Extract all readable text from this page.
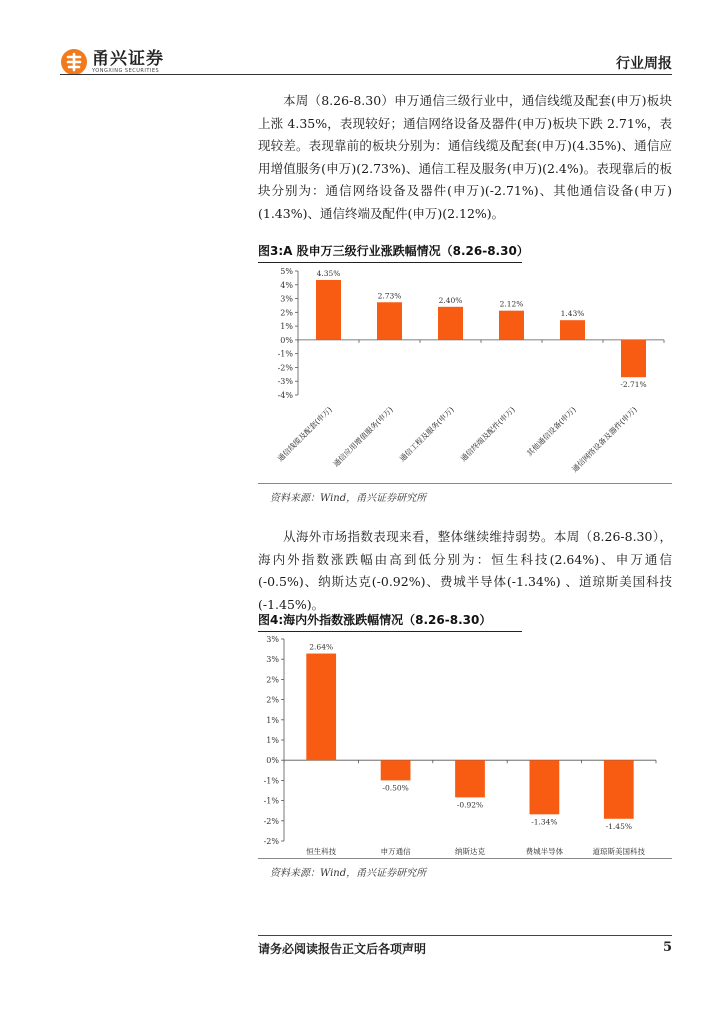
甬兴证券
YONGXING SECURITIES	行业周报

本周（8.26-8.30）申万通信三级行业中，通信线缆及配套(申万)板块上涨 4.35%，表现较好；通信网络设备及器件(申万)板块下跌 2.71%，表现较差。表现靠前的板块分别为：通信线缆及配套(申万)(4.35%)、通信应用增值服务(申万)(2.73%)、通信工程及服务(申万)(2.4%)。表现靠后的板块分别为：通信网络设备及器件(申万)(-2.71%)、其他通信设备(申万)(1.43%)、通信终端及配件(申万)(2.12%)。

图3:A 股申万三级行业涨跌幅情况（8.26-8.30）
5%
4%
3%
2%
1%
0%
-1%
-2%
-3%
-4%
4.35%
通信线缆及配套(申万)
2.73%
通信应用增值服务(申万)
2.40%
通信工程及服务(申万)
2.12%
通信终端及配件(申万)
1.43%
其他通信设备(申万)
-2.71%
通信网络设备及器件(申万)
资料来源：Wind，甬兴证券研究所

从海外市场指数表现来看，整体继续维持弱势。本周（8.26-8.30），海内外指数涨跌幅由高到低分别为：恒生科技(2.64%)、申万通信(-0.5%)、纳斯达克(-0.92%)、费城半导体(-1.34%) 、道琼斯美国科技(-1.45%)。

图4:海内外指数涨跌幅情况（8.26-8.30）
3%
3%
2%
2%
1%
1%
0%
-1%
-1%
-2%
-2%
2.64%
恒生科技
-0.50%
申万通信
-0.92%
纳斯达克
-1.34%
费城半导体
-1.45%
道琼斯美国科技
资料来源：Wind，甬兴证券研究所
请务必阅读报告正文后各项声明	5
